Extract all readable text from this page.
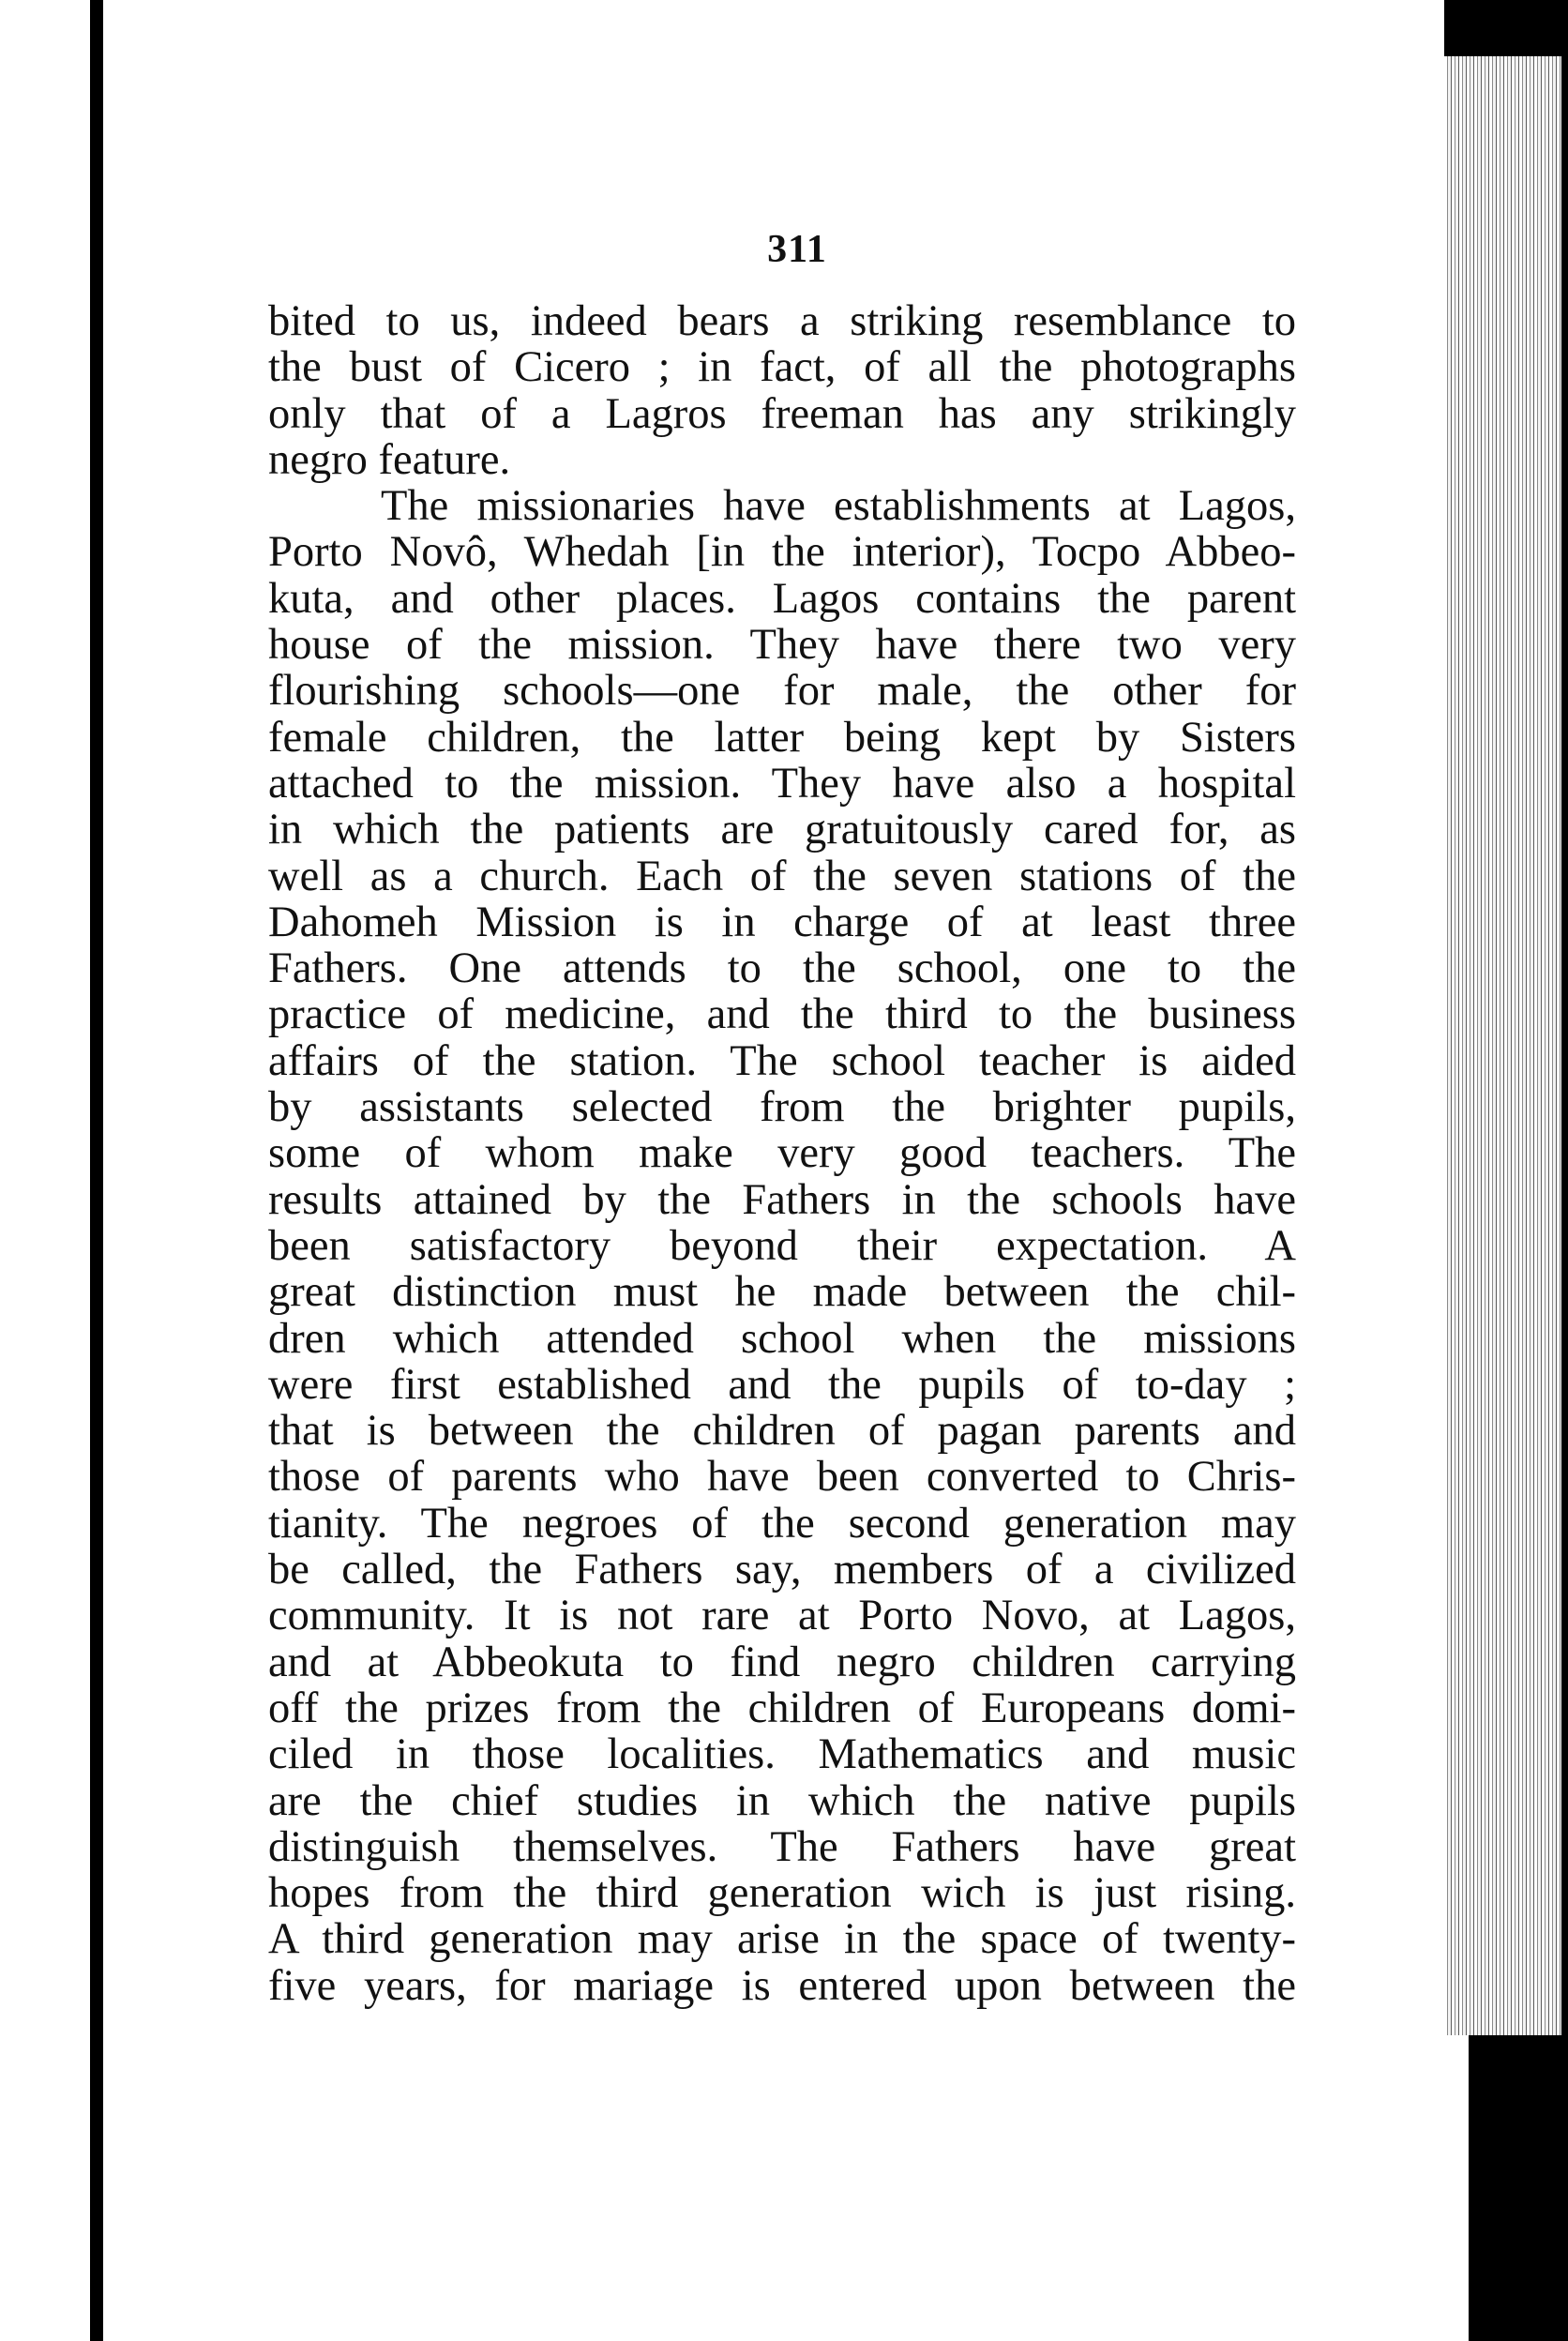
311
bited to us, indeed bears a striking resemblance to
the bust of Cicero ; in fact, of all the photographs
only that of a Lagros freeman has any strikingly
negro feature.
The missionaries have establishments at Lagos,
Porto Novô, Whedah [in the interior), Tocpo Abbeo-
kuta, and other places. Lagos contains the parent
house of the mission. They have there two very
flourishing schools—one for male, the other for
female children, the latter being kept by Sisters
attached to the mission. They have also a hospital
in which the patients are gratuitously cared for, as
well as a church. Each of the seven stations of the
Dahomeh Mission is in charge of at least three
Fathers. One attends to the school, one to the
practice of medicine, and the third to the business
affairs of the station. The school teacher is aided
by assistants selected from the brighter pupils,
some of whom make very good teachers. The
results attained by the Fathers in the schools have
been satisfactory beyond their expectation. A
great distinction must he made between the chil-
dren which attended school when the missions
were first established and the pupils of to-day ;
that is between the children of pagan parents and
those of parents who have been converted to Chris-
tianity. The negroes of the second generation may
be called, the Fathers say, members of a civilized
community. It is not rare at Porto Novo, at Lagos,
and at Abbeokuta to find negro children carrying
off the prizes from the children of Europeans domi-
ciled in those localities. Mathematics and music
are the chief studies in which the native pupils
distinguish themselves. The Fathers have great
hopes from the third generation wich is just rising.
A third generation may arise in the space of twenty-
five years, for mariage is entered upon between the
